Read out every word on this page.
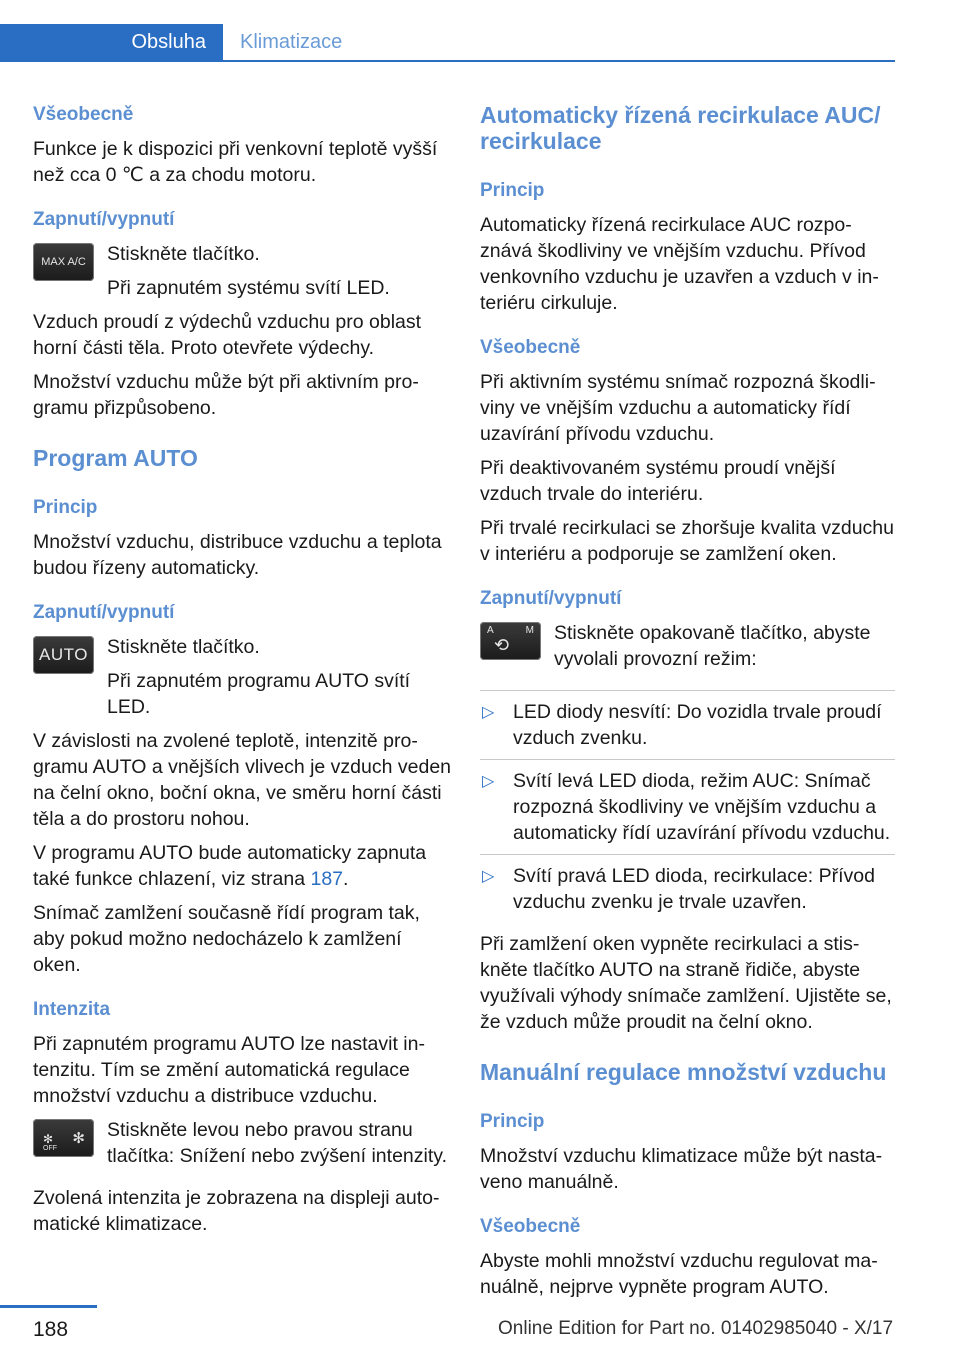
Obsluha	Klimatizace
Všeobecně

Funkce je k dispozici při venkovní teplotě vyšší než cca 0 ℃ a za chodu motoru.

Zapnutí/vypnutí
MAX A/C	Stiskněte tlačítko.

Při zapnutém systému svítí LED.

Vzduch proudí z výdechů vzduchu pro oblast horní části těla. Proto otevřete výdechy.

Množství vzduchu může být při aktivním programu přizpůsobeno.

Program AUTO
Princip

Množství vzduchu, distribuce vzduchu a teplota budou řízeny automaticky.

Zapnutí/vypnutí
AUTO Stiskněte tlačítko.

Při zapnutém programu AUTO svítí LED.

V závislosti na zvolené teplotě, intenzitě programu AUTO a vnějších vlivech je vzduch veden na čelní okno, boční okna, ve směru horní části těla a do prostoru nohou.

V programu AUTO bude automaticky zapnuta také funkce chlazení, viz strana 187.

Snímač zamlžení současně řídí program tak, aby pokud možno nedocházelo k zamlžení oken.

Intenzita

Při zapnutém programu AUTO lze nastavit intenzitu. Tím se změní automatická regulace množství vzduchu a distribuce vzduchu.

✻
OFF
✻ Stiskněte levou nebo pravou stranu tlačítka: Snížení nebo zvýšení intenzity.

Zvolená intenzita je zobrazena na displeji automatické klimatizace.

Automaticky řízená recirkulace AUC/ recirkulace
Princip

Automaticky řízená recirkulace AUC rozpoznává škodliviny ve vnějším vzduchu. Přívod venkovního vzduchu je uzavřen a vzduch v interiéru cirkuluje.

Všeobecně

Při aktivním systému snímač rozpozná škodliviny ve vnějším vzduchu a automaticky řídí uzavírání přívodu vzduchu.

Při deaktivovaném systému proudí vnější vzduch trvale do interiéru.

Při trvalé recirkulaci se zhoršuje kvalita vzduchu v interiéru a podporuje se zamlžení oken.

Zapnutí/vypnutí
A	M
⟲

Stiskněte opakovaně tlačítko, abyste vyvolali provozní režim:

▷ LED diody nesvítí: Do vozidla trvale proudí vzduch zvenku.
▷ Svítí levá LED dioda, režim AUC: Snímač rozpozná škodliviny ve vnějším vzduchu a automaticky řídí uzavírání přívodu vzduchu.
▷ Svítí pravá LED dioda, recirkulace: Přívod vzduchu zvenku je trvale uzavřen.

Při zamlžení oken vypněte recirkulaci a stiskněte tlačítko AUTO na straně řidiče, abyste využívali výhody snímače zamlžení. Ujistěte se, že vzduch může proudit na čelní okno.

Manuální regulace množství vzduchu
Princip

Množství vzduchu klimatizace může být nastaveno manuálně.

Všeobecně

Abyste mohli množství vzduchu regulovat manuálně, nejprve vypněte program AUTO.

188	Online Edition for Part no. 01402985040 - X/17
